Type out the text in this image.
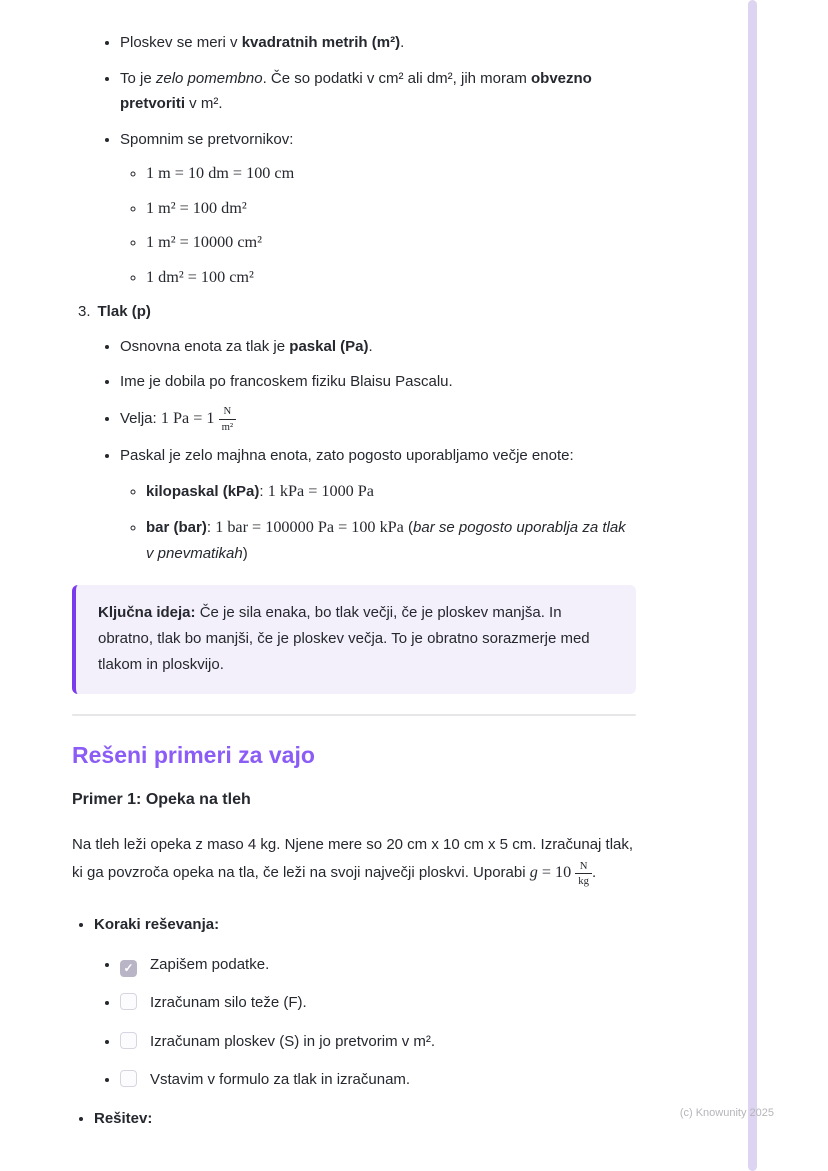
• Ploskev se meri v kvadratnih metrih (m²).
• To je zelo pomembno. Če so podatki v cm² ali dm², jih moram obvezno pretvoriti v m².
• Spomnim se pretvornikov:
◦ 1 m = 10 dm = 100 cm
◦ 1 m² = 100 dm²
◦ 1 m² = 10000 cm²
◦ 1 dm² = 100 cm²
3. Tlak (p)
• Osnovna enota za tlak je paskal (Pa).
• Ime je dobila po francoskem fiziku Blaisu Pascalu.
• Velja: 1 $Pa = 1 \frac{N}{\text{m²}}$
• Paskal je zelo majhna enota, zato pogosto uporabljamo večje enote:
◦ kilopaskal (kPa): 1 kPa = 1000 Pa
◦ bar (bar): 1 bar = 100000 Pa = 100 kPa (bar se pogosto uporablja za tlak v pnevmatikah)
Ključna ideja: Če je sila enaka, bo tlak večji, če je ploskev manjša. In obratno, tlak bo manjši, če je ploskev večja. To je obratno sorazmerje med tlakom in ploskvijo.
Rešeni primeri za vajo
Primer 1: Opeka na tleh

Na tleh leži opeka z maso 4 kg. Njene mere so 20 cm x 10 cm x 5 cm. Izračunaj tlak, ki ga povzroča opeka na tla, če leži na svoji največji ploskvi. Uporabi $g = 10 \frac{N}{kg}$ .

• Koraki reševanja:
• ✓ Zapišem podatke.
• Izračunam silo teže (F).
• Izračunam ploskev (S) in jo pretvorim v m².
• Vstavim v formulo za tlak in izračunam.
• Rešitev:	(c) Knowunity 2025
